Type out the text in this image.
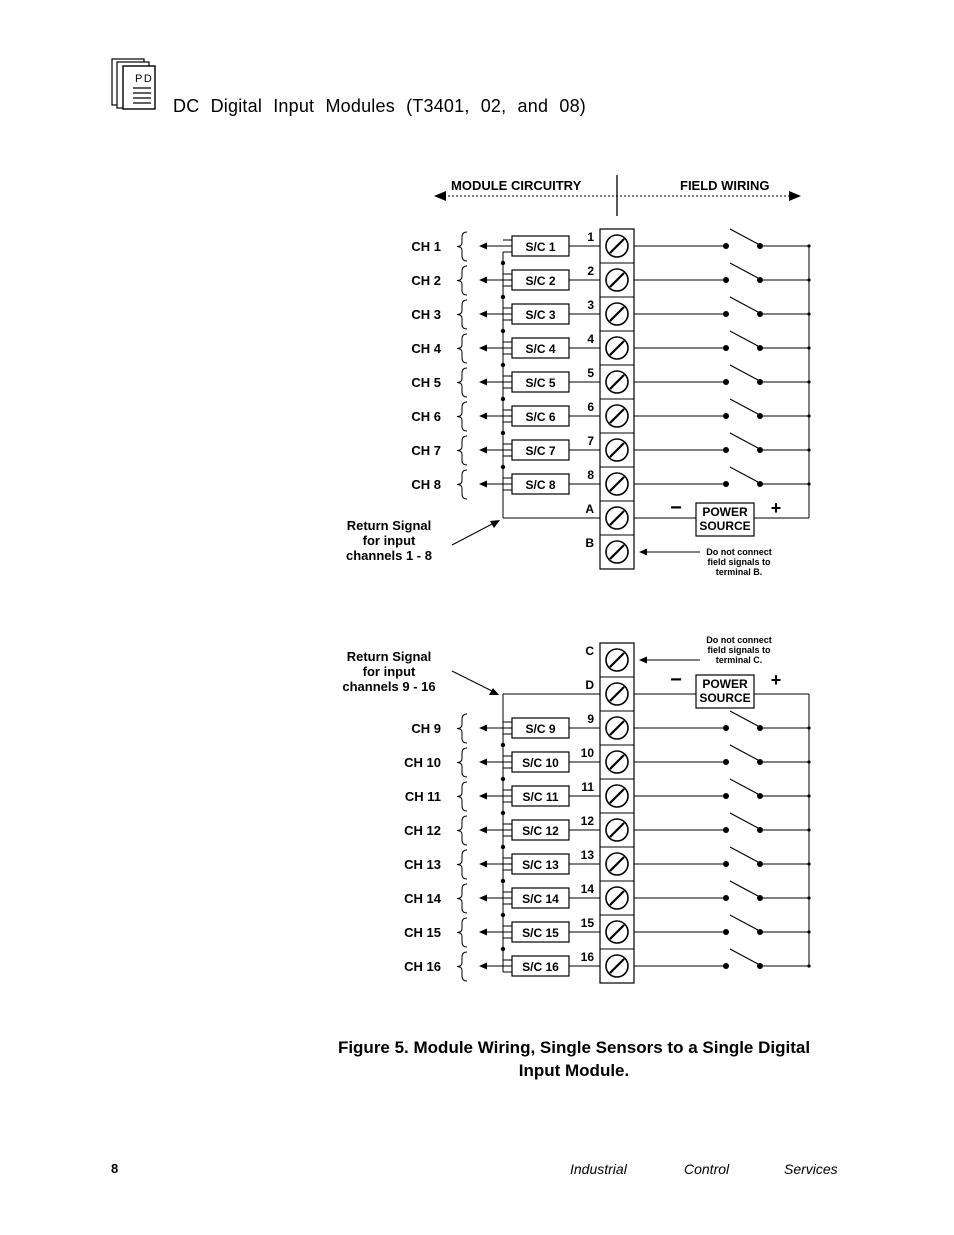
PD
DC Digital Input Modules (T3401, 02, and 08)
MODULE CIRCUITRY	FIELD WIRING
CH 1	S/C 1
1
CH 2	S/C 2
2
CH 3	S/C 3
3
CH 4	S/C 4
4
CH 5	S/C 5
5
CH 6	S/C 6
6
CH 7	S/C 7
7
CH 8	S/C 8
8
A
B
POWER
SOURCE
−	+
Do not connect
field signals to
terminal B.
Return Signal
for input
channels 1 - 8
Do not connect
field signals to
terminal C.
C
D	POWER
SOURCE
−	+
Return Signal
for input
channels 9 - 16
CH 9	S/C 9
9
CH 10	S/C 10
10
CH 11	S/C 11
11
CH 12	S/C 12
12
CH 13	S/C 13
13
CH 14	S/C 14
14
CH 15	S/C 15
15
CH 16	S/C 16
16
Figure 5. Module Wiring, Single Sensors to a Single Digital
Input Module.
8	Industrial	Control	Services
